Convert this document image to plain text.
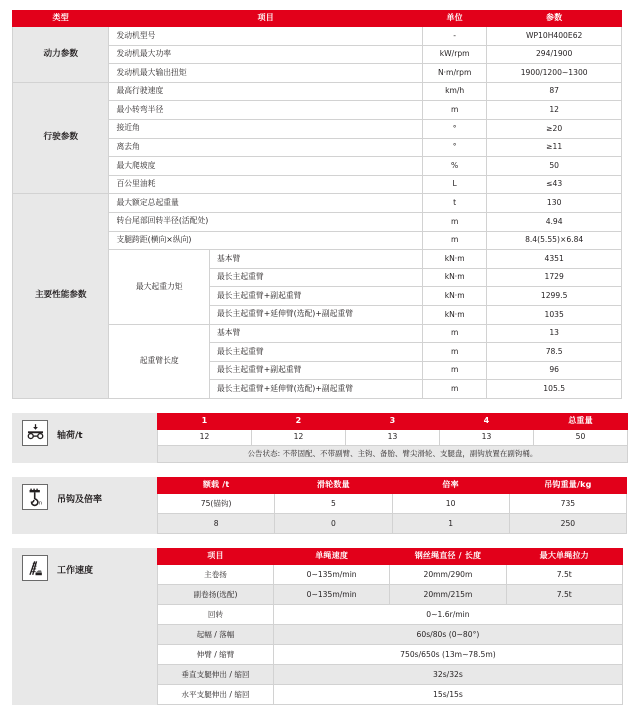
类型	项目		单位	参数
动力参数	发动机型号		-	WP10H400E62
	发动机最大功率		kW/rpm	294/1900
	发动机最大输出扭矩		N·m/rpm	1900/1200~1300
行驶参数	最高行驶速度		km/h	87
	最小转弯半径		m	12
	接近角		°	≥20
	离去角		°	≥11
	最大爬坡度		%	50
	百公里油耗		L	≤43
主要性能参数	最大额定总起重量		t	130
	转台尾部回转半径(活配处)		m	4.94
	支腿跨距(横向×纵向)		m	8.4(5.55)×6.84
	最大起重力矩	基本臂	kN·m	4351
		最长主起重臂	kN·m	1729
		最长主起重臂+副起重臂	kN·m	1299.5
		最长主起重臂+延伸臂(选配)+副起重臂	kN·m	1035
	起重臂长度	基本臂	m	13
		最长主起重臂	m	78.5
		最长主起重臂+副起重臂	m	96
		最长主起重臂+延伸臂(选配)+副起重臂	m	105.5
轴荷/t
1	2	3	4	总重量
12	12	13	13	50
公告状态: 不带固配、不带副臂、主钩、备胎、臂尖滑轮、支腿盘，副钩放置在副钩桶。				
n 吊钩及倍率
额载 /t	滑轮数量	倍率	吊钩重量/kg
75(锚钩)	5	10	735
8	0	1	250
工作速度
项目	单绳速度	钢丝绳直径 / 长度	最大单绳拉力
主卷扬	0~135m/min	20mm/290m	7.5t
副卷扬(选配)	0~135m/min	20mm/215m	7.5t
回转	0~1.6r/min		
起幅 / 落幅	60s/80s (0~80°)		
伸臂 / 缩臂	750s/650s (13m~78.5m)		
垂直支腿伸出 / 缩回	32s/32s		
水平支腿伸出 / 缩回	15s/15s		
